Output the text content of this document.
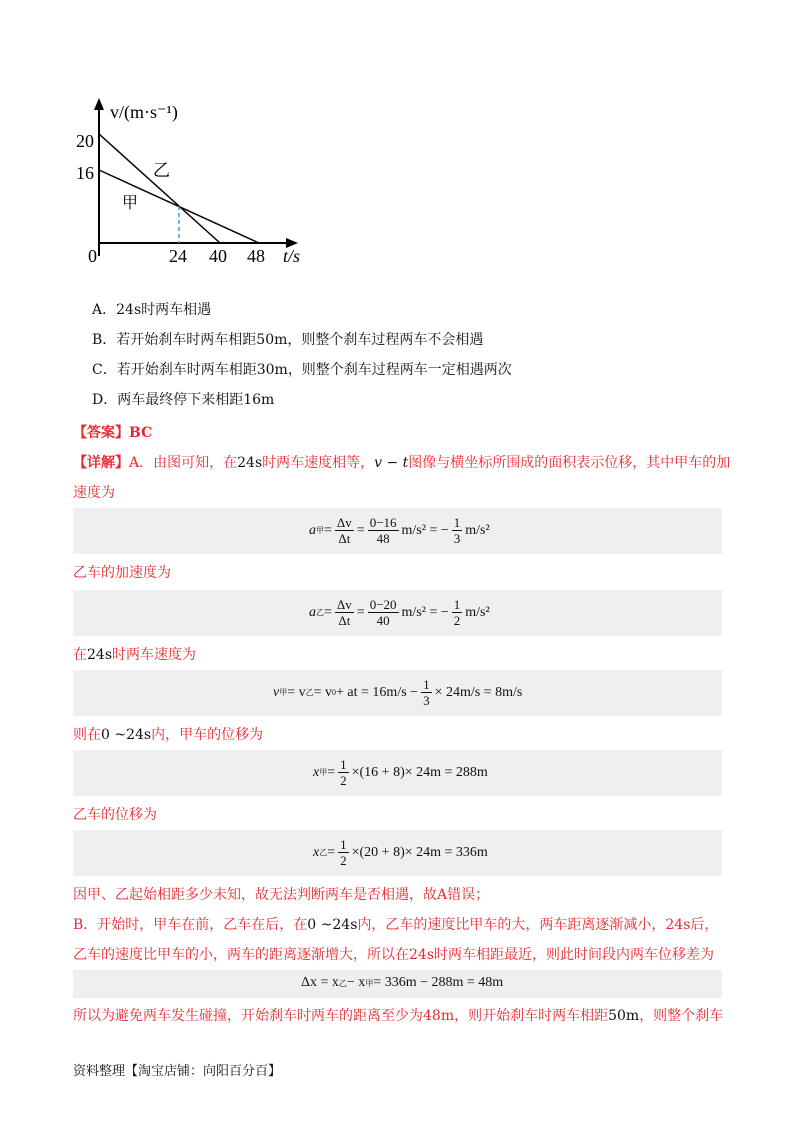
v/(m·s⁻¹)
20
16
0	24 40 48 t/s
乙
甲
A．24s时两车相遇
B．若开始刹车时两车相距50m，则整个刹车过程两车不会相遇
C．若开始刹车时两车相距30m，则整个刹车过程两车一定相遇两次
D．两车最终停下来相距16m
【答案】BC
【详解】A．由图可知，在24s时两车速度相等，v − t图像与横坐标所围成的面积表示位移，其中甲车的加
速度为
a 甲 = $\frac{\Delta v}{\Delta t} = \frac{0-16}{48} m/s^2$ = − $\frac{1}{3} m/s^2$
乙车的加速度为
a 乙 = $\frac{\Delta v}{\Delta t} = \frac{0-20}{40} m/s^2$ = − $\frac{1}{2} m/s^2$
在24s时两车速度为
v 甲 = v 乙 = v 0 + at = $16m/s - \frac{1}{3} \times 24m/s = 8m/s$
则在0 ~24s内，甲车的位移为
x 甲 = $\frac{1}{2} \times(16 + 8)\times 24m = 288m$
乙车的位移为
x 乙 = $\frac{1}{2} \times(20 + 8)\times 24m = 336m$
因甲、乙起始相距多少未知，故无法判断两车是否相遇，故A错误；
B．开始时，甲车在前，乙车在后，在0 ~24s内，乙车的速度比甲车的大，两车距离逐渐减小，24s后，
乙车的速度比甲车的小，两车的距离逐渐增大，所以在24s时两车相距最近，则此时间段内两车位移差为
Δx = x 乙 − x 甲 = 336m − 288m = 48m
所以为避免两车发生碰撞，开始刹车时两车的距离至少为48m，则开始刹车时两车相距50m，则整个刹车
资料整理【淘宝店铺：向阳百分百】
